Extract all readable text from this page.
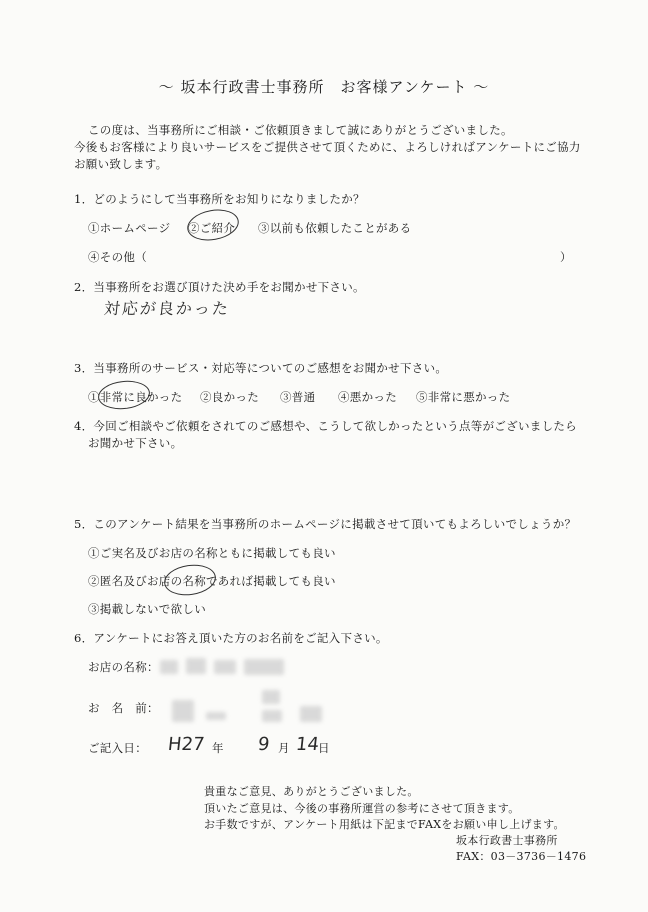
～ 坂本行政書士事務所　お客様アンケート ～
この度は、当事務所にご相談・ご依頼頂きまして誠にありがとうございました。
今後もお客様により良いサービスをご提供させて頂くために、よろしければアンケートにご協力
お願い致します。
1．どのようにして当事務所をお知りになりましたか？
①ホームページ ②ご紹介 ③以前も依頼したことがある
④その他（	）
2．当事務所をお選び頂けた決め手をお聞かせ下さい。
対応が良かった
3．当事務所のサービス・対応等についてのご感想をお聞かせ下さい。
①非常に良かった ②良かった ③普通 ④悪かった ⑤非常に悪かった
4．今回ご相談やご依頼をされてのご感想や、こうして欲しかったという点等がございましたら
お聞かせ下さい。
5．このアンケート結果を当事務所のホームページに掲載させて頂いてもよろしいでしょうか？
①ご実名及びお店の名称ともに掲載しても良い
②匿名及びお店の名称であれば掲載しても良い
③掲載しないで欲しい
6．アンケートにお答え頂いた方のお名前をご記入下さい。
お店の名称：
お　名　前：
ご記入日： H27 年 9 月 14
日
貴重なご意見、ありがとうございました。
頂いたご意見は、今後の事務所運営の参考にさせて頂きます。
お手数ですが、アンケート用紙は下記までFAXをお願い申し上げます。
坂本行政書士事務所
FAX：03－3736－1476
